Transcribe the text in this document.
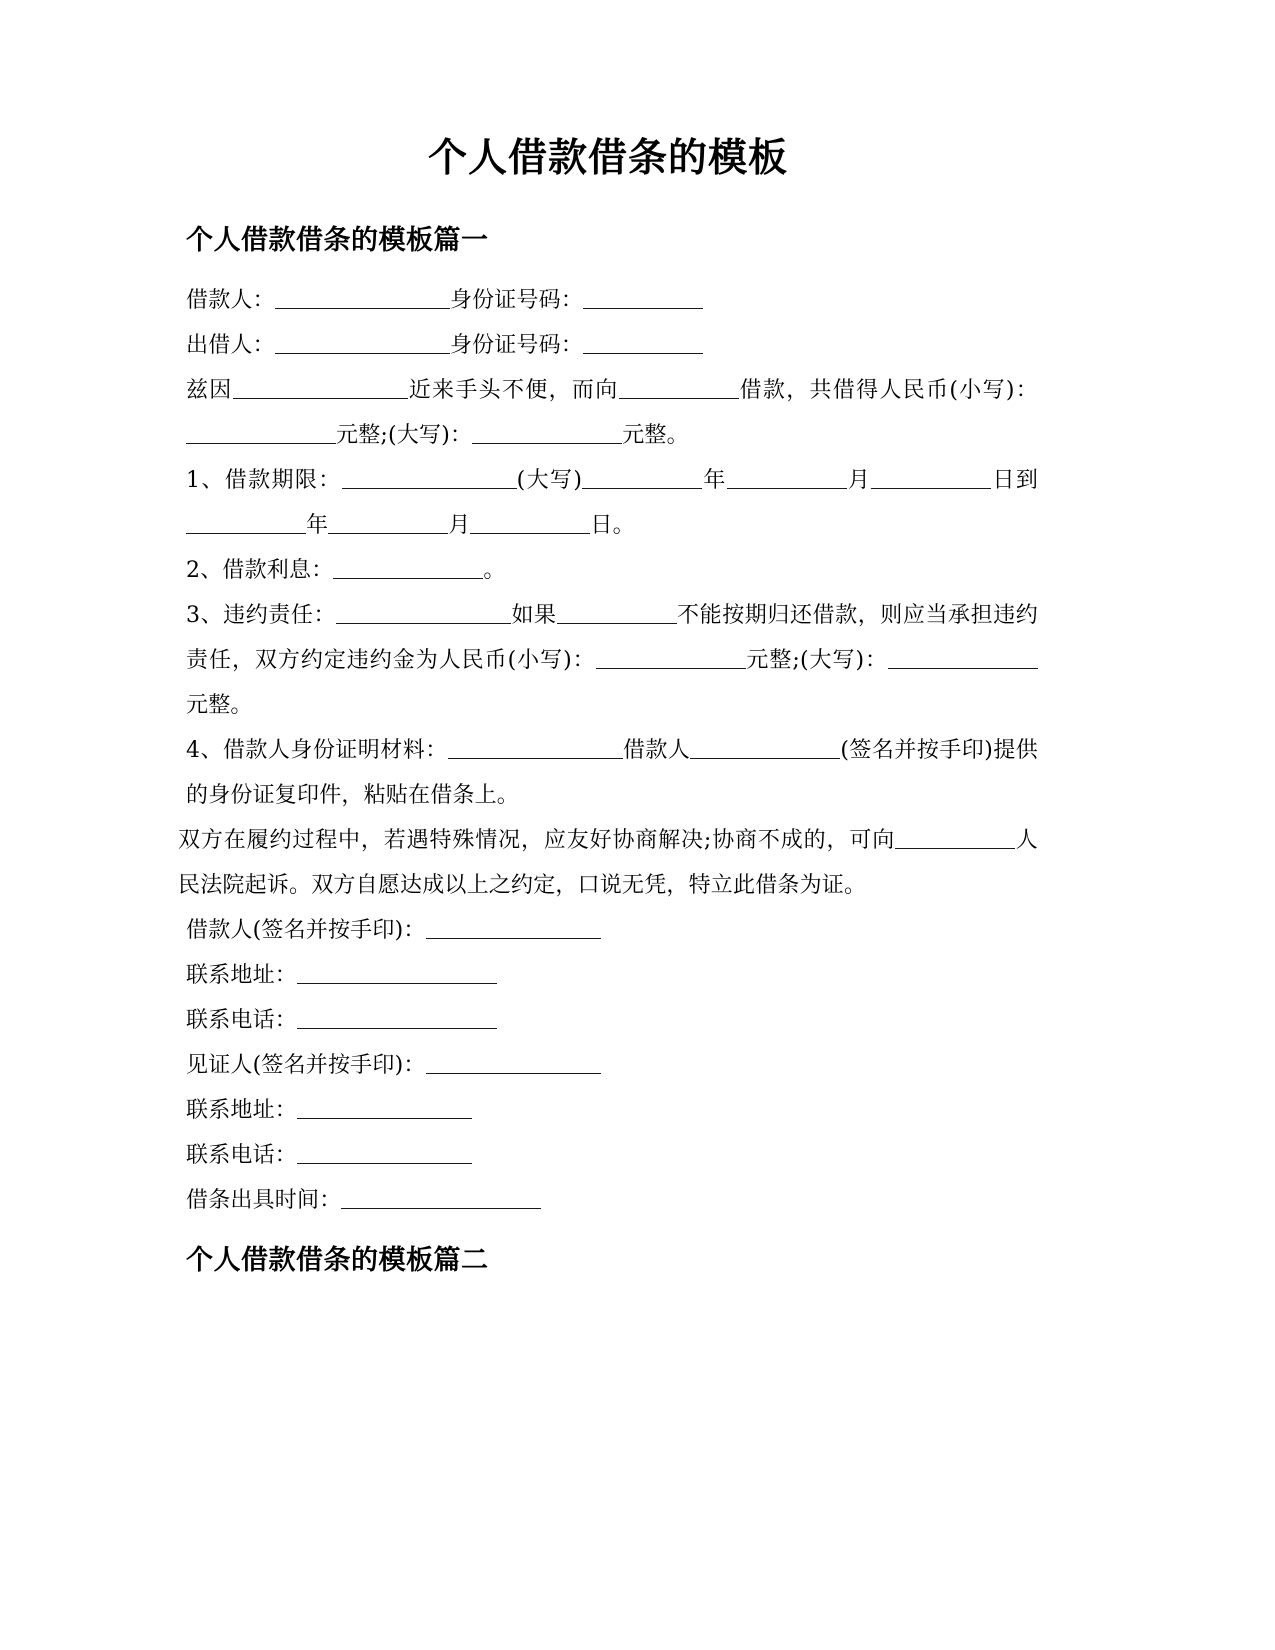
个人借款借条的模板
个人借款借条的模板篇一

借款人：	身份证号码：

出借人：	身份证号码：

兹因	近来手头不便，而向	借款，共借得人民币(小写)：元整;(大写)：	元整。

1、借款期限：	(大写)	年	月	日到年	月	日。

2、借款利息：	。

3、违约责任：	如果	不能按期归还借款，则应当承担违约责任，双方约定违约金为人民币(小写)：	元整;(大写)：元整。

4、借款人身份证明材料：	借款人	(签名并按手印)提供的身份证复印件，粘贴在借条上。

双方在履约过程中，若遇特殊情况，应友好协商解决;协商不成的，可向	人民法院起诉。双方自愿达成以上之约定，口说无凭，特立此借条为证。

借款人(签名并按手印)：

联系地址：

联系电话：

见证人(签名并按手印)：

联系地址：

联系电话：

借条出具时间：

个人借款借条的模板篇二
